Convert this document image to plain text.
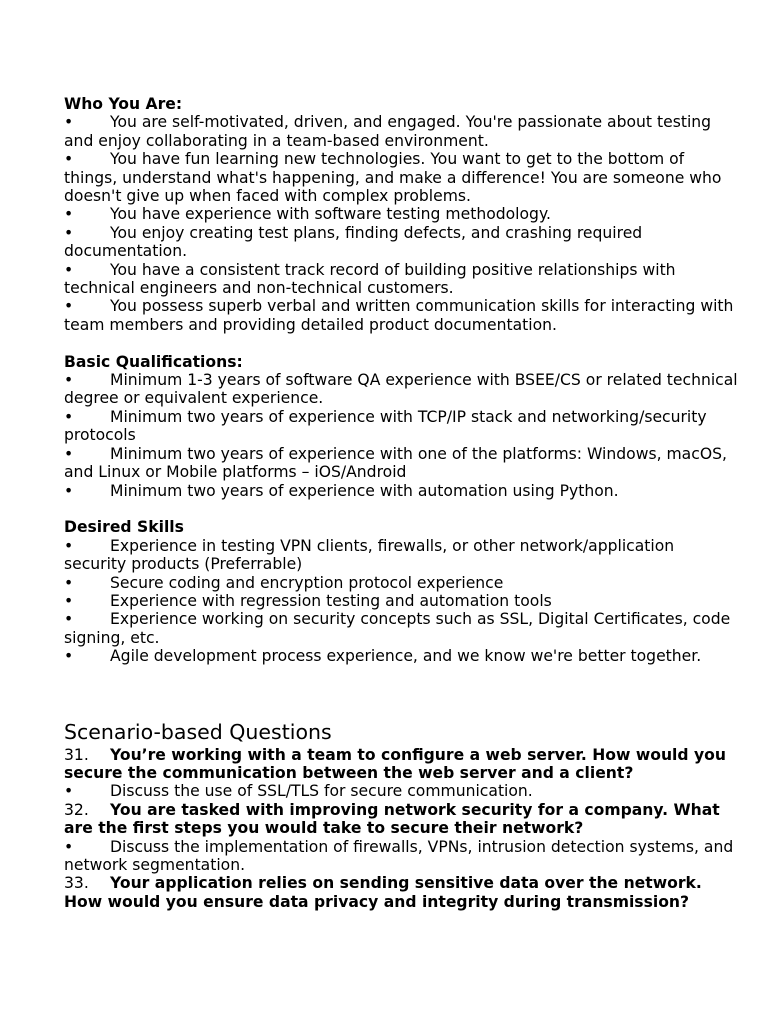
Who You Are:

• You are self-motivated, driven, and engaged. You're passionate about testing and enjoy collaborating in a team-based environment.

• You have fun learning new technologies. You want to get to the bottom of things, understand what's happening, and make a difference! You are someone who doesn't give up when faced with complex problems.

• You have experience with software testing methodology.

• You enjoy creating test plans, finding defects, and crashing required documentation.

• You have a consistent track record of building positive relationships with technical engineers and non-technical customers.

• You possess superb verbal and written communication skills for interacting with team members and providing detailed product documentation.

Basic Qualifications:

• Minimum 1-3 years of software QA experience with BSEE/CS or related technical degree or equivalent experience.

• Minimum two years of experience with TCP/IP stack and networking/security protocols

• Minimum two years of experience with one of the platforms: Windows, macOS, and Linux or Mobile platforms – iOS/Android

• Minimum two years of experience with automation using Python.

Desired Skills

• Experience in testing VPN clients, firewalls, or other network/application security products (Preferrable)

• Secure coding and encryption protocol experience

• Experience with regression testing and automation tools

• Experience working on security concepts such as SSL, Digital Certificates, code signing, etc.

• Agile development process experience, and we know we're better together.

Scenario-based Questions

31. You’re working with a team to configure a web server. How would you secure the communication between the web server and a client?

• Discuss the use of SSL/TLS for secure communication.

32. You are tasked with improving network security for a company. What are the first steps you would take to secure their network?

• Discuss the implementation of firewalls, VPNs, intrusion detection systems, and network segmentation.

33. Your application relies on sending sensitive data over the network. How would you ensure data privacy and integrity during transmission?
